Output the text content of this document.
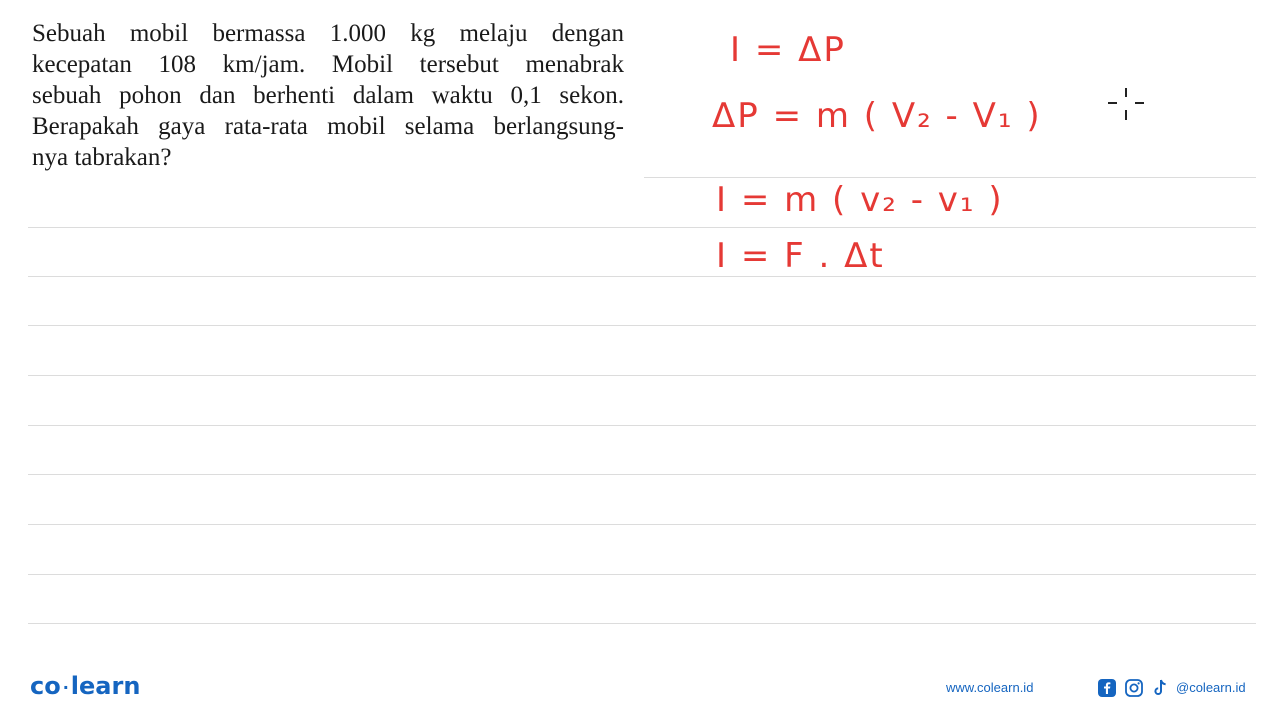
Sebuah mobil bermassa 1.000 kg melaju dengan
kecepatan 108 km/jam. Mobil tersebut menabrak
sebuah pohon dan berhenti dalam waktu 0,1 sekon.
Berapakah gaya rata-rata mobil selama berlangsung-
nya tabrakan?
I = ΔP
ΔP = m ( V₂ - V₁ )
I = m ( v₂ - v₁ )
I = F . Δt
co ·learn	www.colearn.id	@colearn.id
